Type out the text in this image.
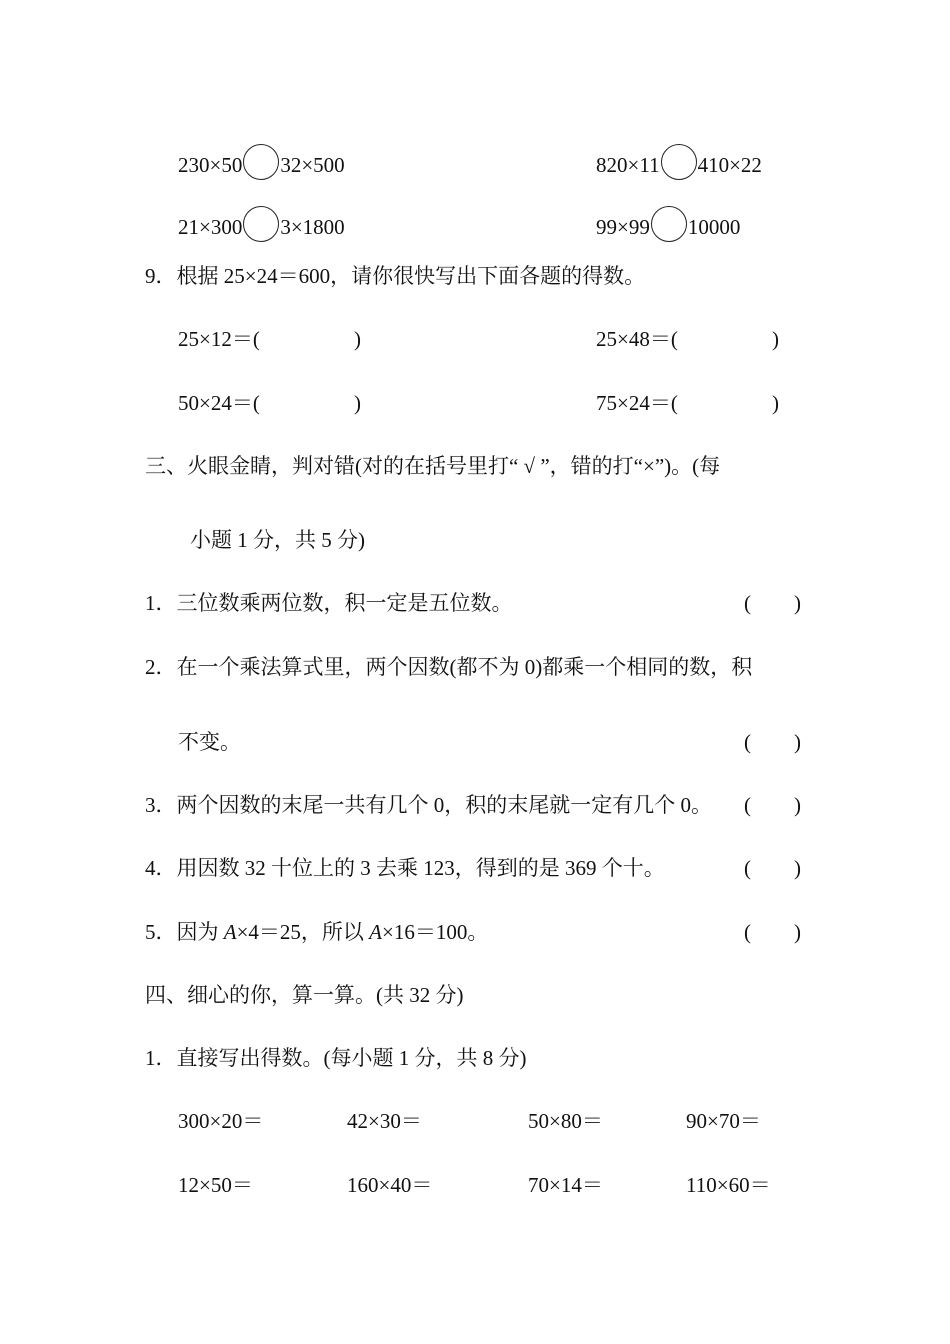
230×50 32×500	820×11 410×22
21×300 3×1800	99×99 10000
9．根据 25×24＝600，请你很快写出下面各题的得数。
25×12＝(	)	25×48＝(	)
50×24＝(	)	75×24＝(	)
三、火眼金睛，判对错(对的在括号里打“ √ ”，错的打“×”)。(每
小题 1 分，共 5 分)
1．三位数乘两位数，积一定是五位数。	( )
2．在一个乘法算式里，两个因数(都不为 0)都乘一个相同的数，积
不变。	( )
3．两个因数的末尾一共有几个 0，积的末尾就一定有几个 0。 ( )
4．用因数 32 十位上的 3 去乘 123，得到的是 369 个十。	( )
5．因为 A×4＝25，所以 A×16＝100。	( )
四、细心的你，算一算。(共 32 分)
1．直接写出得数。(每小题 1 分，共 8 分)
300×20＝	42×30＝	50×80＝	90×70＝
12×50＝	160×40＝	70×14＝	110×60＝
